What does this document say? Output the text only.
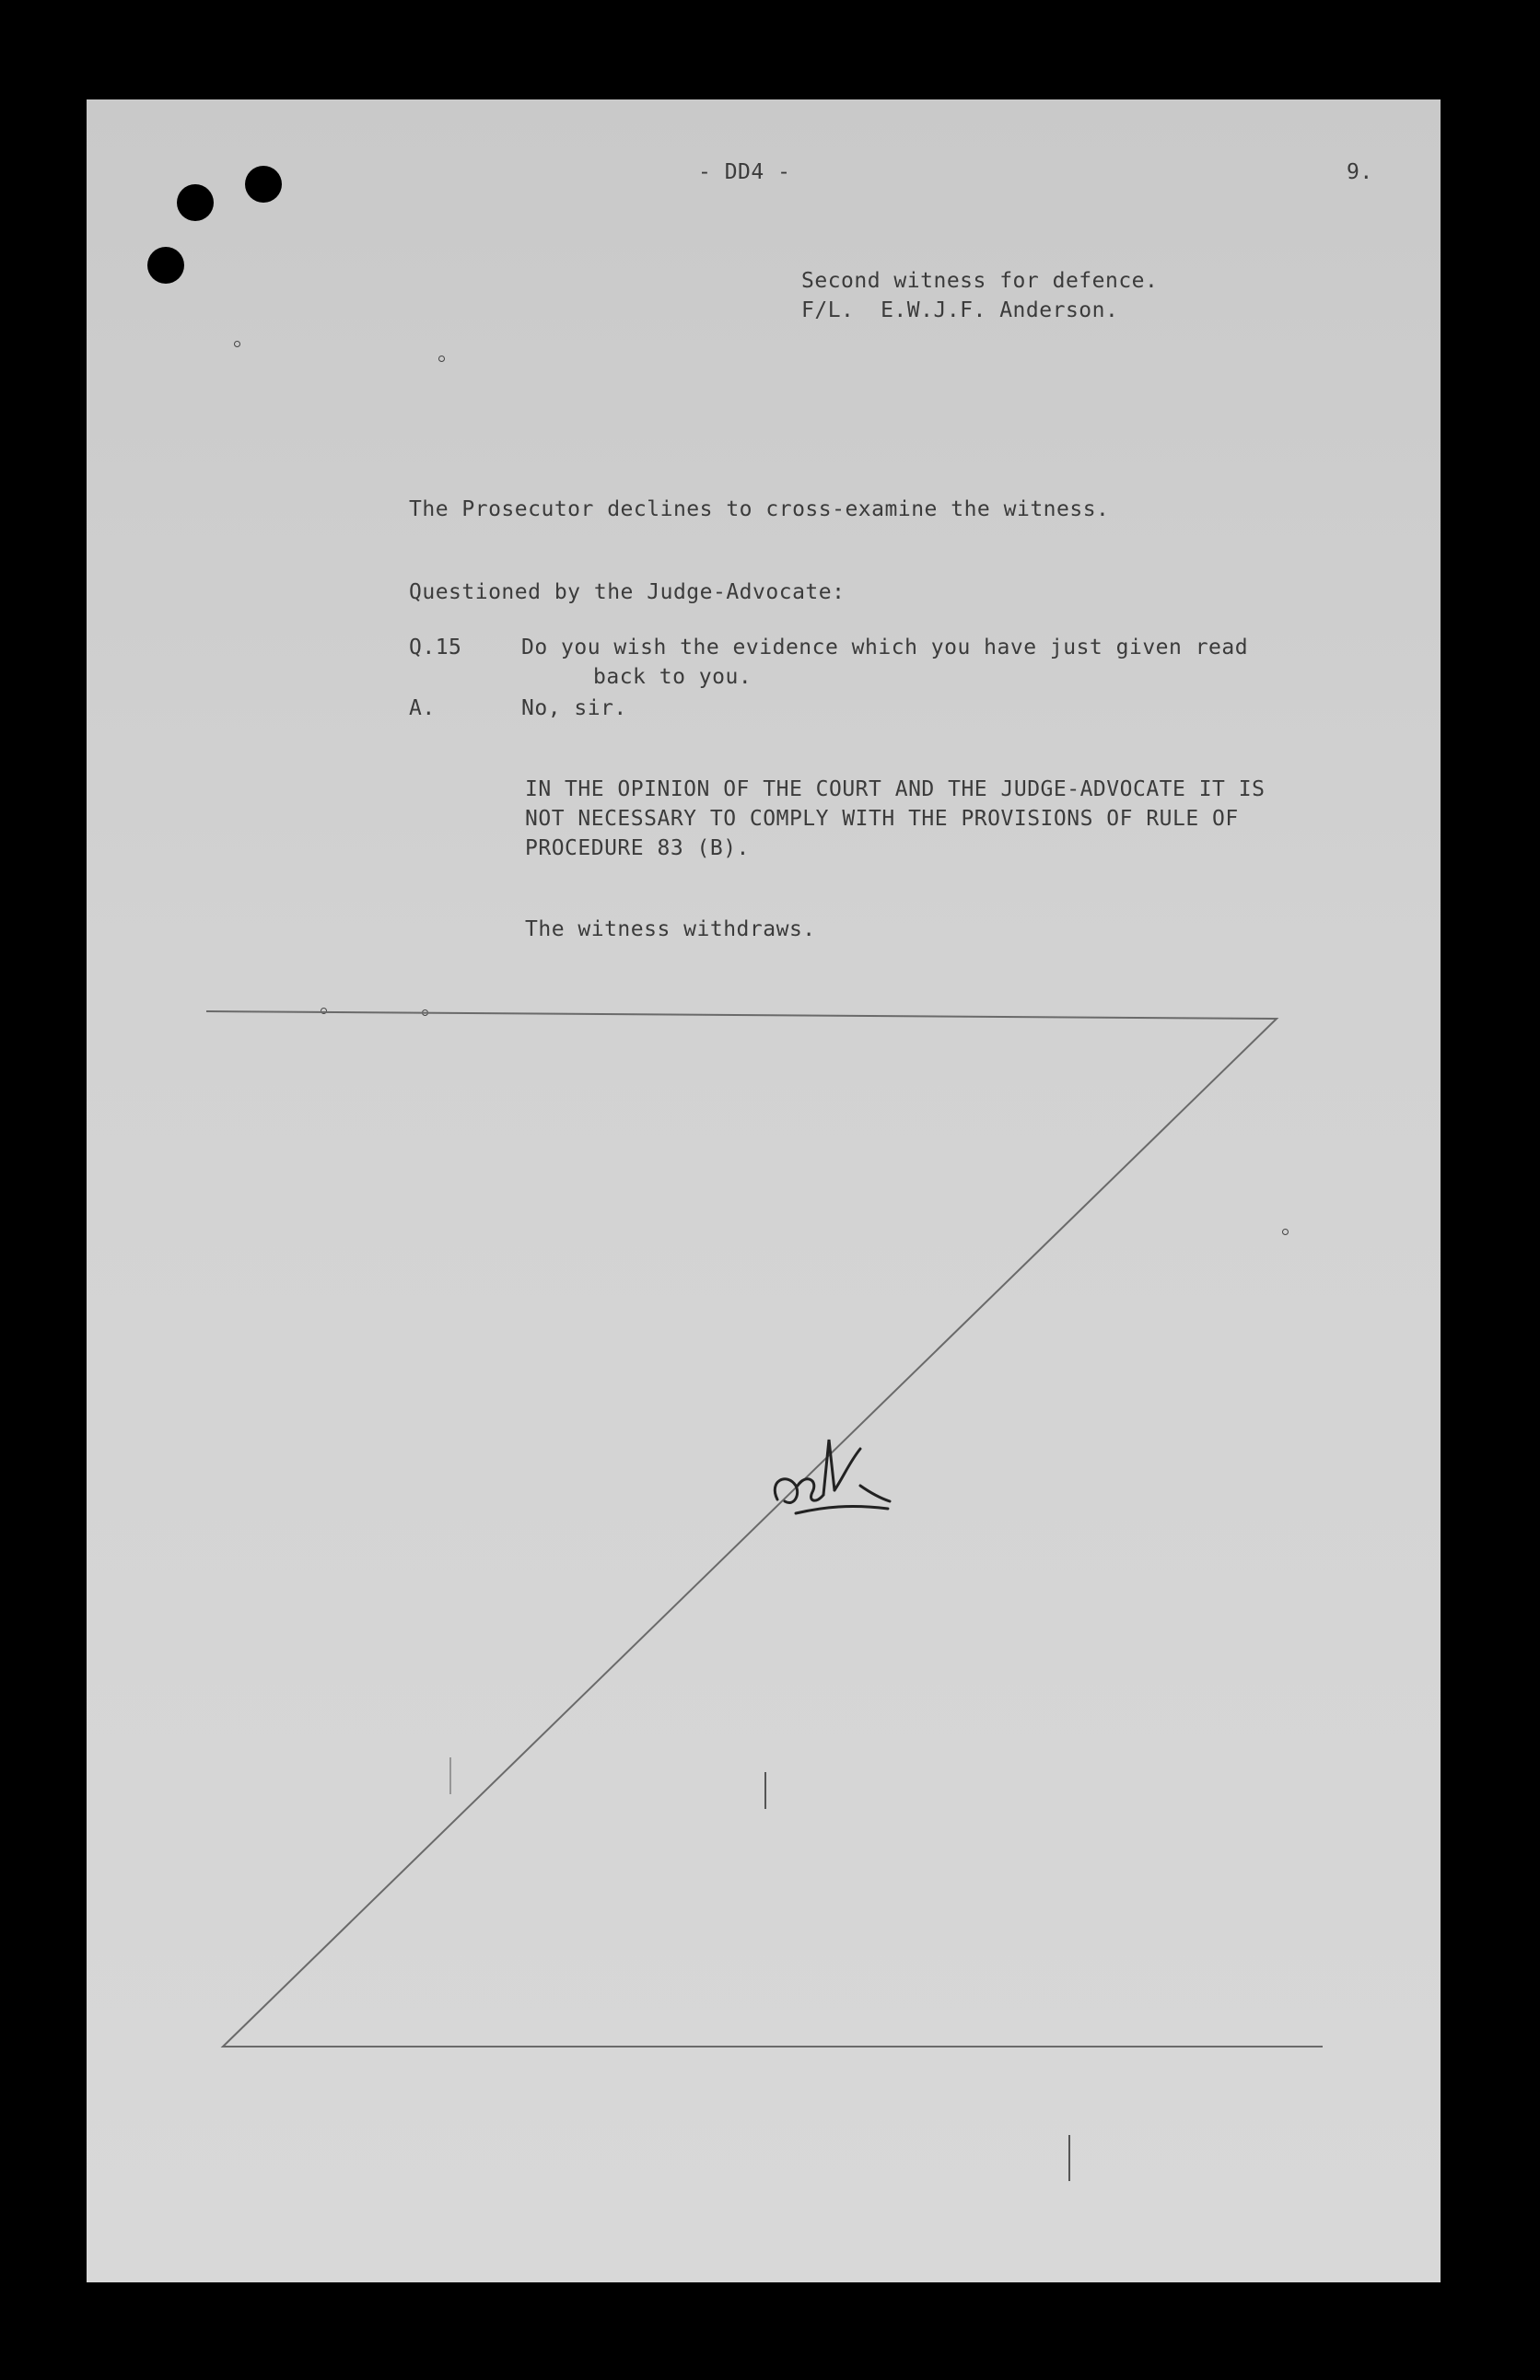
- DD4 -	9.
Second witness for defence.
F/L.  E.W.J.F. Anderson.
The Prosecutor declines to cross-examine the witness.
Questioned by the Judge-Advocate:
Q.15	Do you wish the evidence which you have just given read
back to you.
A.	No, sir.
IN THE OPINION OF THE COURT AND THE JUDGE-ADVOCATE IT IS
NOT NECESSARY TO COMPLY WITH THE PROVISIONS OF RULE OF
PROCEDURE 83 (B).
The witness withdraws.
